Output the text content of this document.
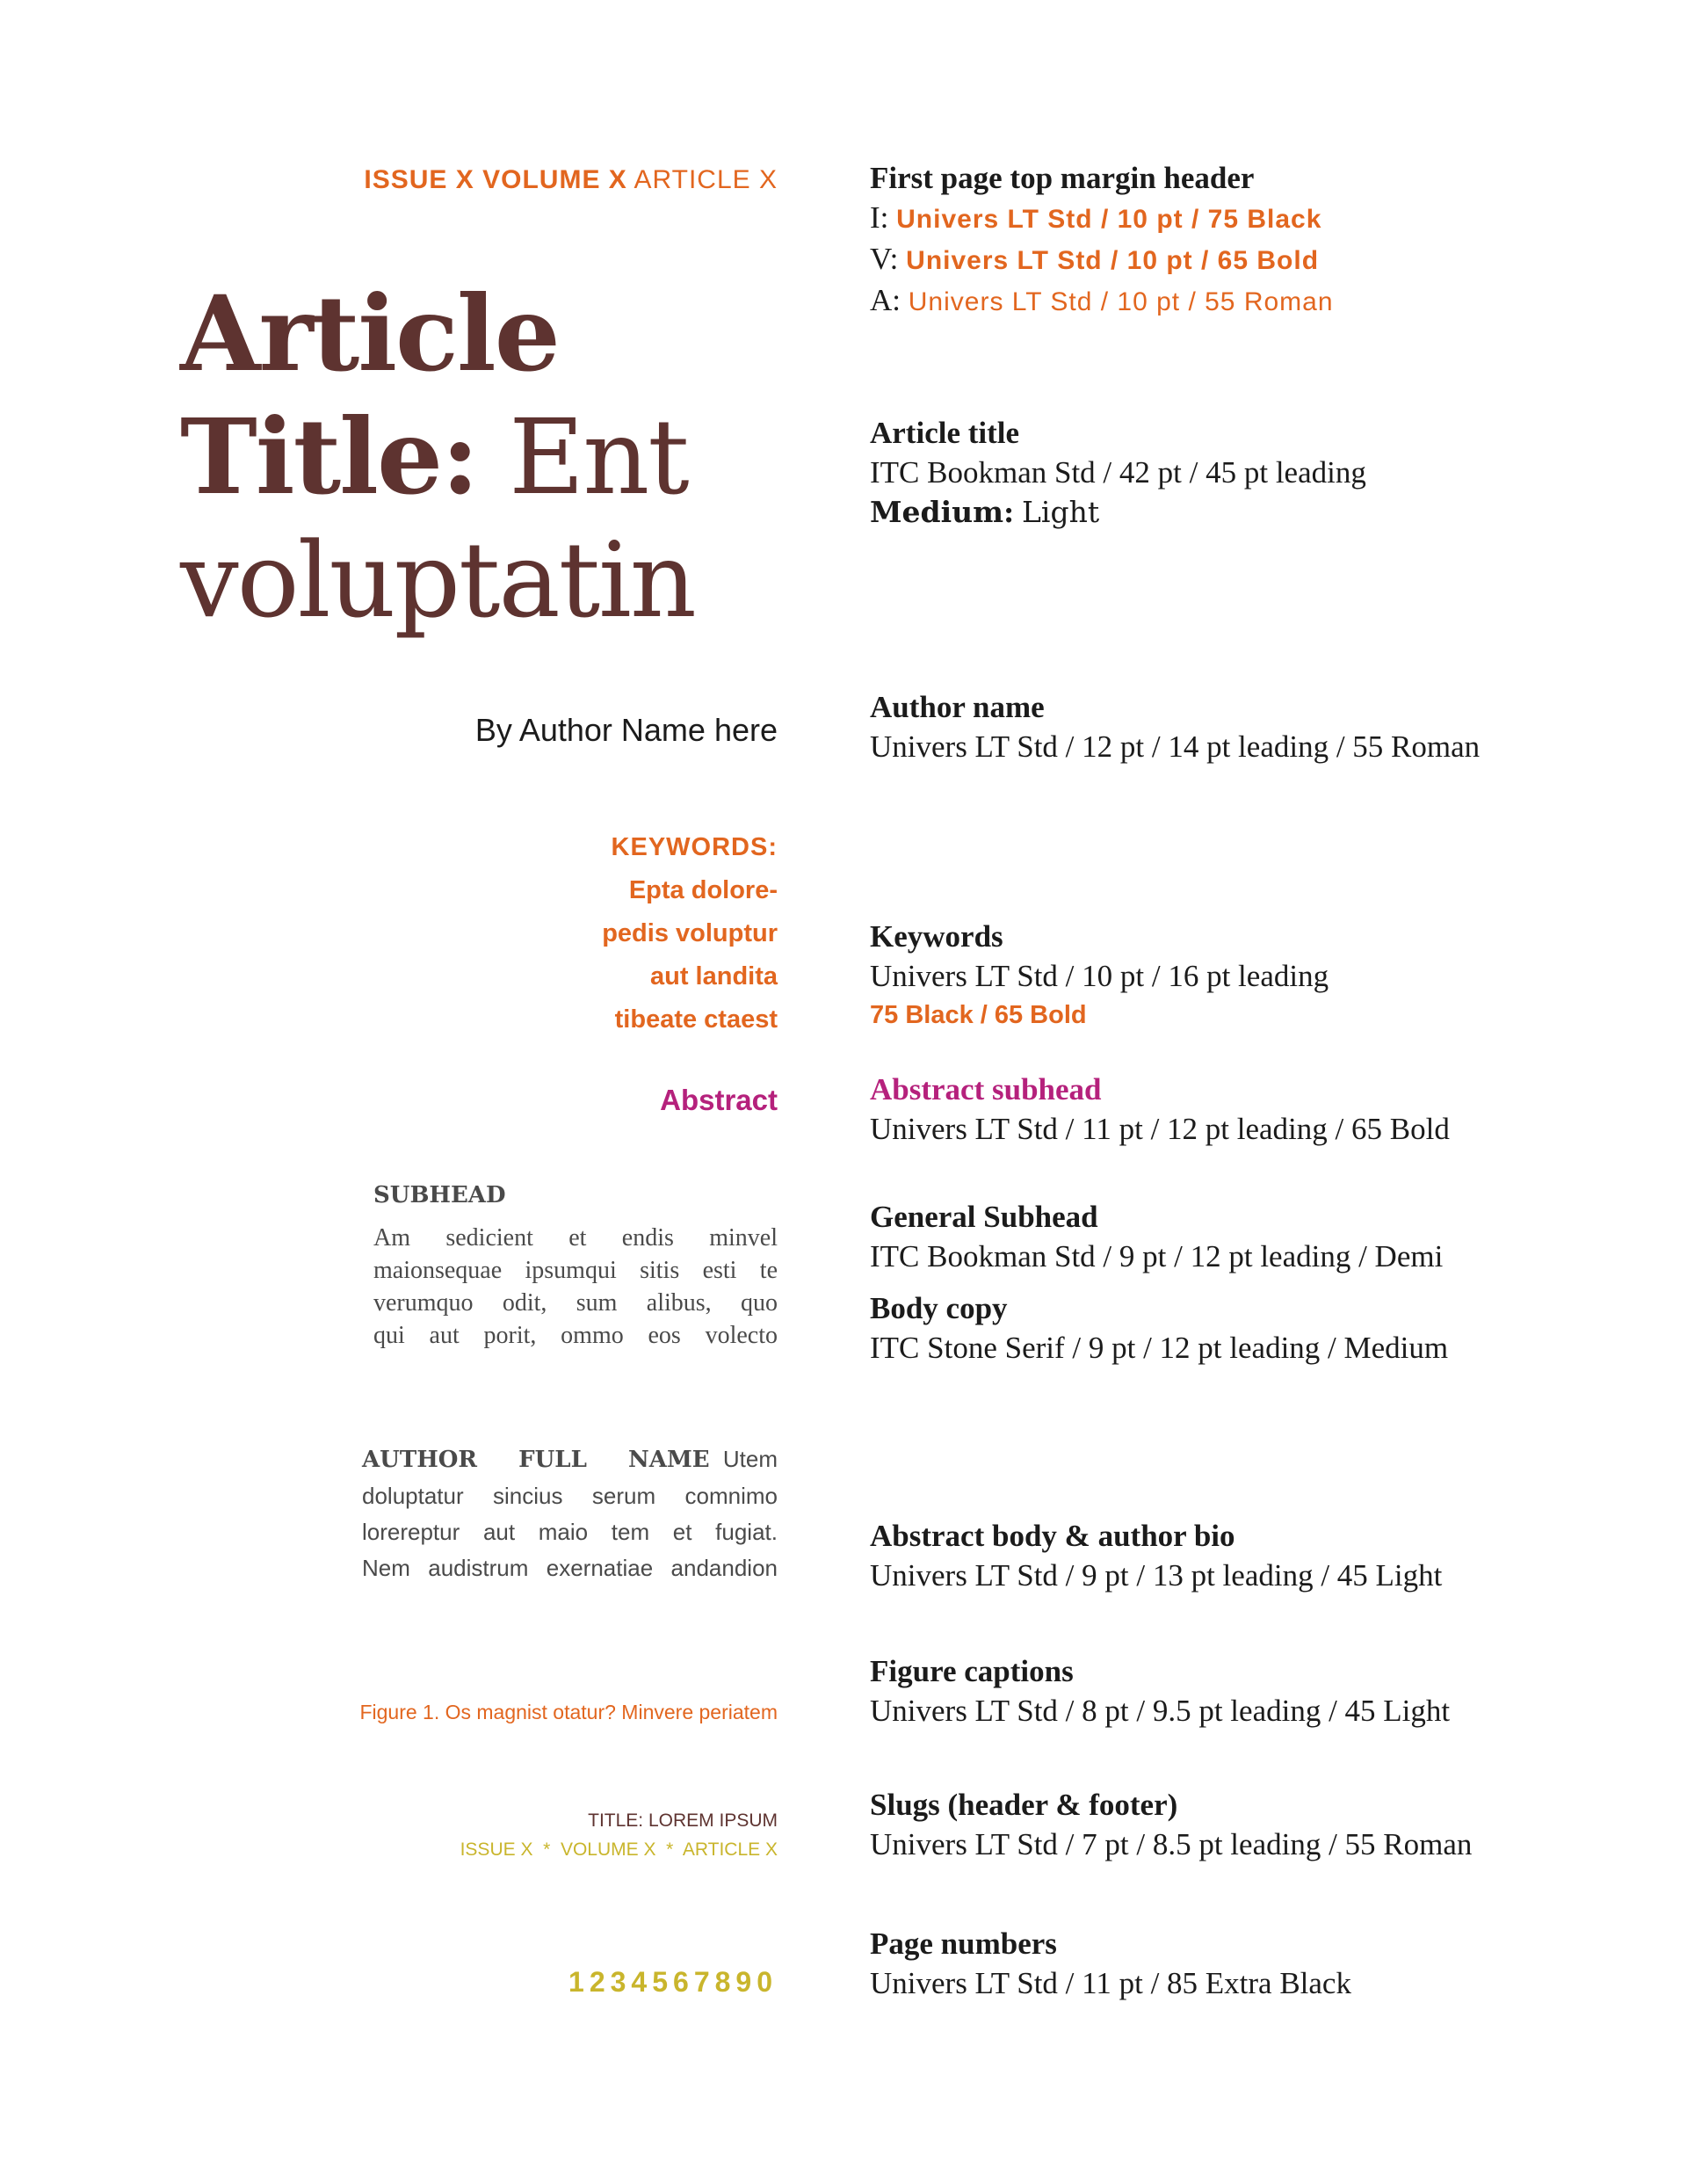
ISSUE X VOLUME X ARTICLE X
Article
Title: Ent
voluptatin
By Author Name here
KEYWORDS:
Epta dolore-
pedis voluptur
aut landita
tibeate ctaest
Abstract
SUBHEAD
Am sedicient et endis minvel
maionsequae ipsumqui sitis esti te
verumquo odit, sum alibus, quo
qui aut porit, ommo eos volecto
AUTHOR FULL NAME Utem
doluptatur sincius serum comnimo
lorereptur aut maio tem et fugiat.
Nem audistrum exernatiae andandion
Figure 1. Os magnist otatur? Minvere periatem
TITLE: LOREM IPSUM
ISSUE X  *  VOLUME X  *  ARTICLE X
1234567890
First page top margin header
I: Univers LT Std / 10 pt / 75 Black
V: Univers LT Std / 10 pt / 65 Bold
A: Univers LT Std / 10 pt / 55 Roman
Article title
ITC Bookman Std / 42 pt / 45 pt leading
Medium: Light
Author name
Univers LT Std / 12 pt / 14 pt leading / 55 Roman
Keywords
Univers LT Std / 10 pt / 16 pt leading
75 Black / 65 Bold
Abstract subhead
Univers LT Std / 11 pt / 12 pt leading / 65 Bold
General Subhead
ITC Bookman Std / 9 pt / 12 pt leading / Demi
Body copy
ITC Stone Serif / 9 pt / 12 pt leading / Medium
Abstract body & author bio
Univers LT Std / 9 pt / 13 pt leading / 45 Light
Figure captions
Univers LT Std / 8 pt / 9.5 pt leading / 45 Light
Slugs (header & footer)
Univers LT Std / 7 pt / 8.5 pt leading / 55 Roman
Page numbers
Univers LT Std / 11 pt / 85 Extra Black
